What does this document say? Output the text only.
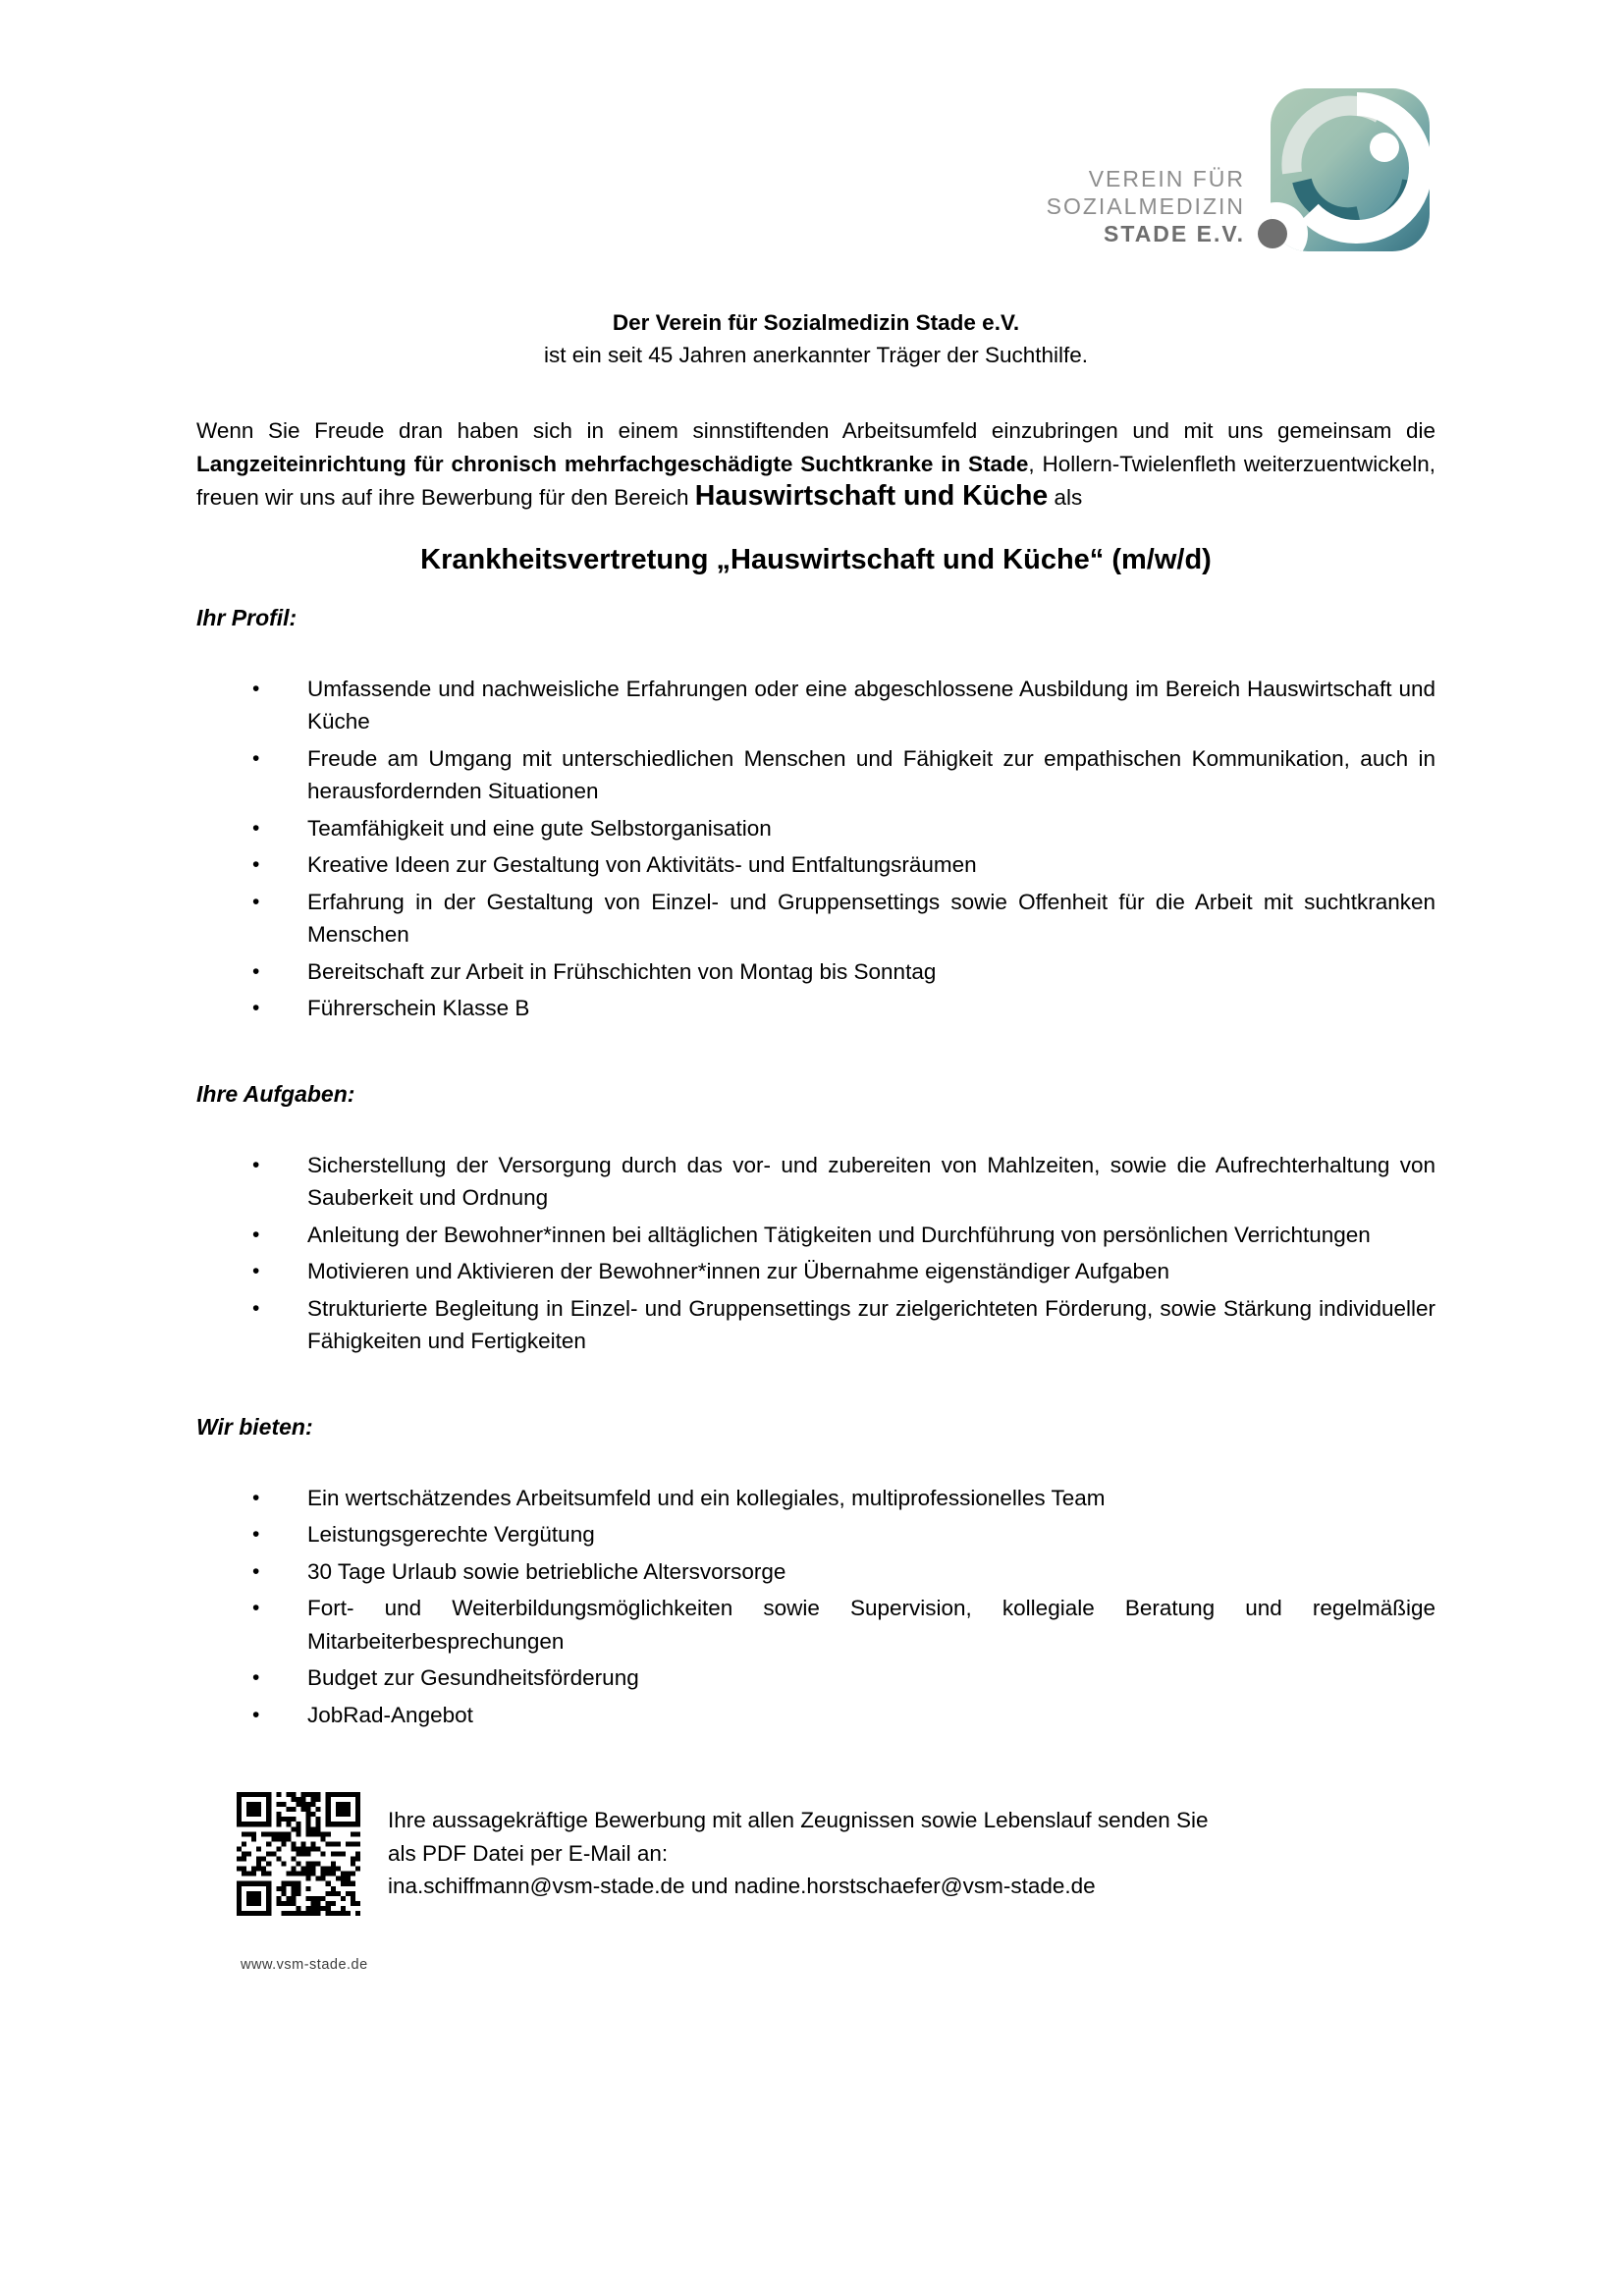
VEREIN FÜR
SOZIALMEDIZIN
STADE E.V.

Der Verein für Sozialmedizin Stade e.V.

ist ein seit 45 Jahren anerkannter Träger der Suchthilfe.

Wenn Sie Freude dran haben sich in einem sinnstiftenden Arbeitsumfeld einzubringen und mit uns gemeinsam die Langzeiteinrichtung für chronisch mehrfachgeschädigte Suchtkranke in Stade, Hollern-Twielenfleth weiterzuentwickeln, freuen wir uns auf ihre Bewerbung für den Bereich Hauswirtschaft und Küche als

Krankheitsvertretung „Hauswirtschaft und Küche“ (m/w/d)
Ihr Profil:
• Umfassende und nachweisliche Erfahrungen oder eine abgeschlossene Ausbildung im Bereich Hauswirtschaft und Küche
• Freude am Umgang mit unterschiedlichen Menschen und Fähigkeit zur empathischen Kommunikation, auch in herausfordernden Situationen
• Teamfähigkeit und eine gute Selbstorganisation
• Kreative Ideen zur Gestaltung von Aktivitäts- und Entfaltungsräumen
• Erfahrung in der Gestaltung von Einzel- und Gruppensettings sowie Offenheit für die Arbeit mit suchtkranken Menschen
• Bereitschaft zur Arbeit in Frühschichten von Montag bis Sonntag
• Führerschein Klasse B
Ihre Aufgaben:
• Sicherstellung der Versorgung durch das vor- und zubereiten von Mahlzeiten, sowie die Aufrechterhaltung von Sauberkeit und Ordnung
• Anleitung der Bewohner*innen bei alltäglichen Tätigkeiten und Durchführung von persönlichen Verrichtungen
• Motivieren und Aktivieren der Bewohner*innen zur Übernahme eigenständiger Aufgaben
• Strukturierte Begleitung in Einzel- und Gruppensettings zur zielgerichteten Förderung, sowie Stärkung individueller Fähigkeiten und Fertigkeiten
Wir bieten:
• Ein wertschätzendes Arbeitsumfeld und ein kollegiales, multiprofessionelles Team
• Leistungsgerechte Vergütung
• 30 Tage Urlaub sowie betriebliche Altersvorsorge
• Fort- und Weiterbildungsmöglichkeiten sowie Supervision, kollegiale Beratung und regelmäßige Mitarbeiterbesprechungen
• Budget zur Gesundheitsförderung
• JobRad-Angebot
Ihre aussagekräftige Bewerbung mit allen Zeugnissen sowie Lebenslauf senden Sie
als PDF Datei per E-Mail an:
ina.schiffmann@vsm-stade.de und nadine.horstschaefer@vsm-stade.de
www.vsm-stade.de
